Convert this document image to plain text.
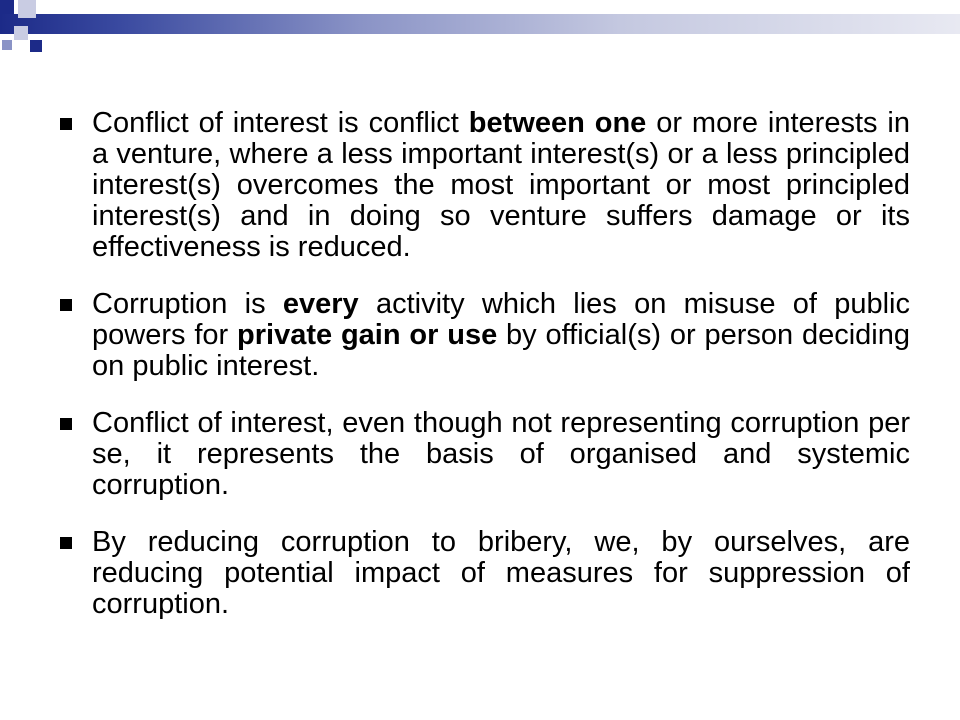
Conflict of interest is conflict between one or more interests in a venture, where a less important interest(s) or a less principled interest(s) overcomes the most important or most principled interest(s) and in doing so venture suffers damage or its effectiveness is reduced.
Corruption is every activity which lies on misuse of public powers for private gain or use by official(s) or person deciding on public interest.
Conflict of interest, even though not representing corruption per se, it represents the basis of organised and systemic corruption.
By reducing corruption to bribery, we, by ourselves, are reducing potential impact of measures for suppression of corruption.
